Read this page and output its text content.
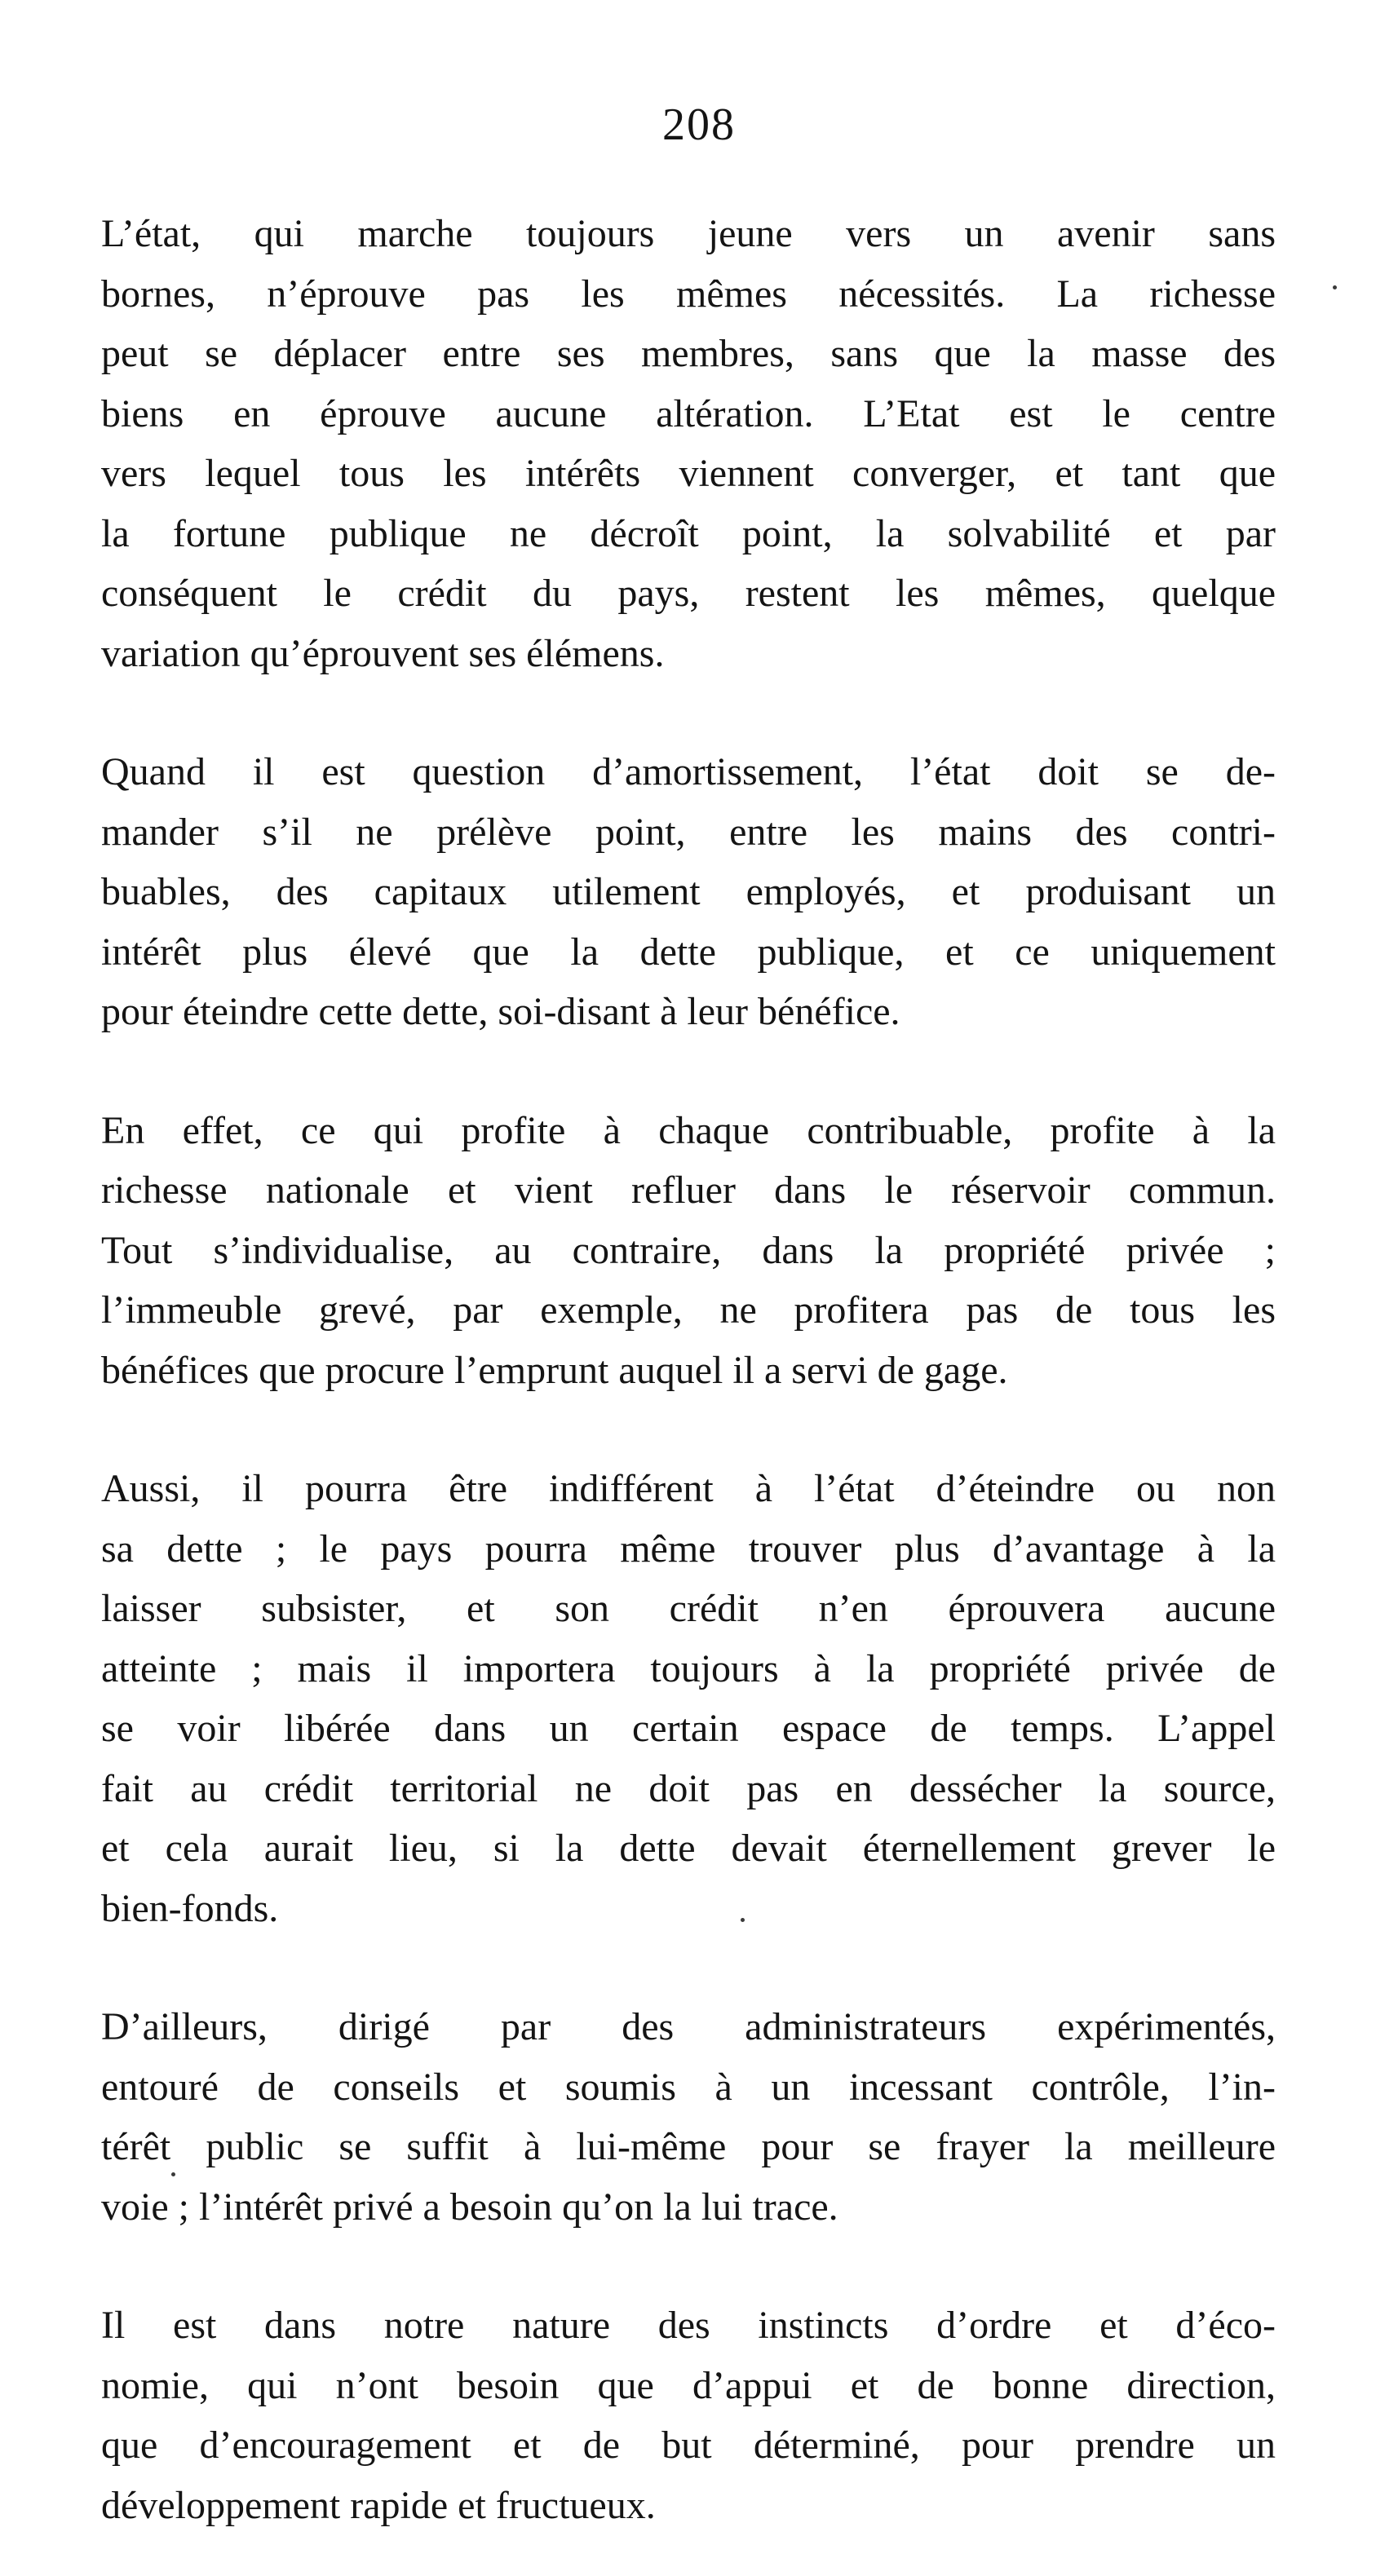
208

L’état, qui marche toujours jeune vers un avenir sans
bornes, n’éprouve pas les mêmes nécessités. La richesse
peut se déplacer entre ses membres, sans que la masse des
biens en éprouve aucune altération. L’Etat est le centre
vers lequel tous les intérêts viennent converger, et tant que
la fortune publique ne décroît point, la solvabilité et par
conséquent le crédit du pays, restent les mêmes, quelque
variation qu’éprouvent ses élémens.

Quand il est question d’amortissement, l’état doit se de-
mander s’il ne prélève point, entre les mains des contri-
buables, des capitaux utilement employés, et produisant un
intérêt plus élevé que la dette publique, et ce uniquement
pour éteindre cette dette, soi-disant à leur bénéfice.

En effet, ce qui profite à chaque contribuable, profite à la
richesse nationale et vient refluer dans le réservoir commun.
Tout s’individualise, au contraire, dans la propriété privée ;
l’immeuble grevé, par exemple, ne profitera pas de tous les
bénéfices que procure l’emprunt auquel il a servi de gage.

Aussi, il pourra être indifférent à l’état d’éteindre ou non
sa dette ; le pays pourra même trouver plus d’avantage à la
laisser subsister, et son crédit n’en éprouvera aucune
atteinte ; mais il importera toujours à la propriété privée de
se voir libérée dans un certain espace de temps. L’appel
fait au crédit territorial ne doit pas en dessécher la source,
et cela aurait lieu, si la dette devait éternellement grever le
bien-fonds.

D’ailleurs, dirigé par des administrateurs expérimentés,
entouré de conseils et soumis à un incessant contrôle, l’in-
térêt public se suffit à lui-même pour se frayer la meilleure
voie ; l’intérêt privé a besoin qu’on la lui trace.

Il est dans notre nature des instincts d’ordre et d’éco-
nomie, qui n’ont besoin que d’appui et de bonne direction,
que d’encouragement et de but déterminé, pour prendre un
développement rapide et fructueux.
